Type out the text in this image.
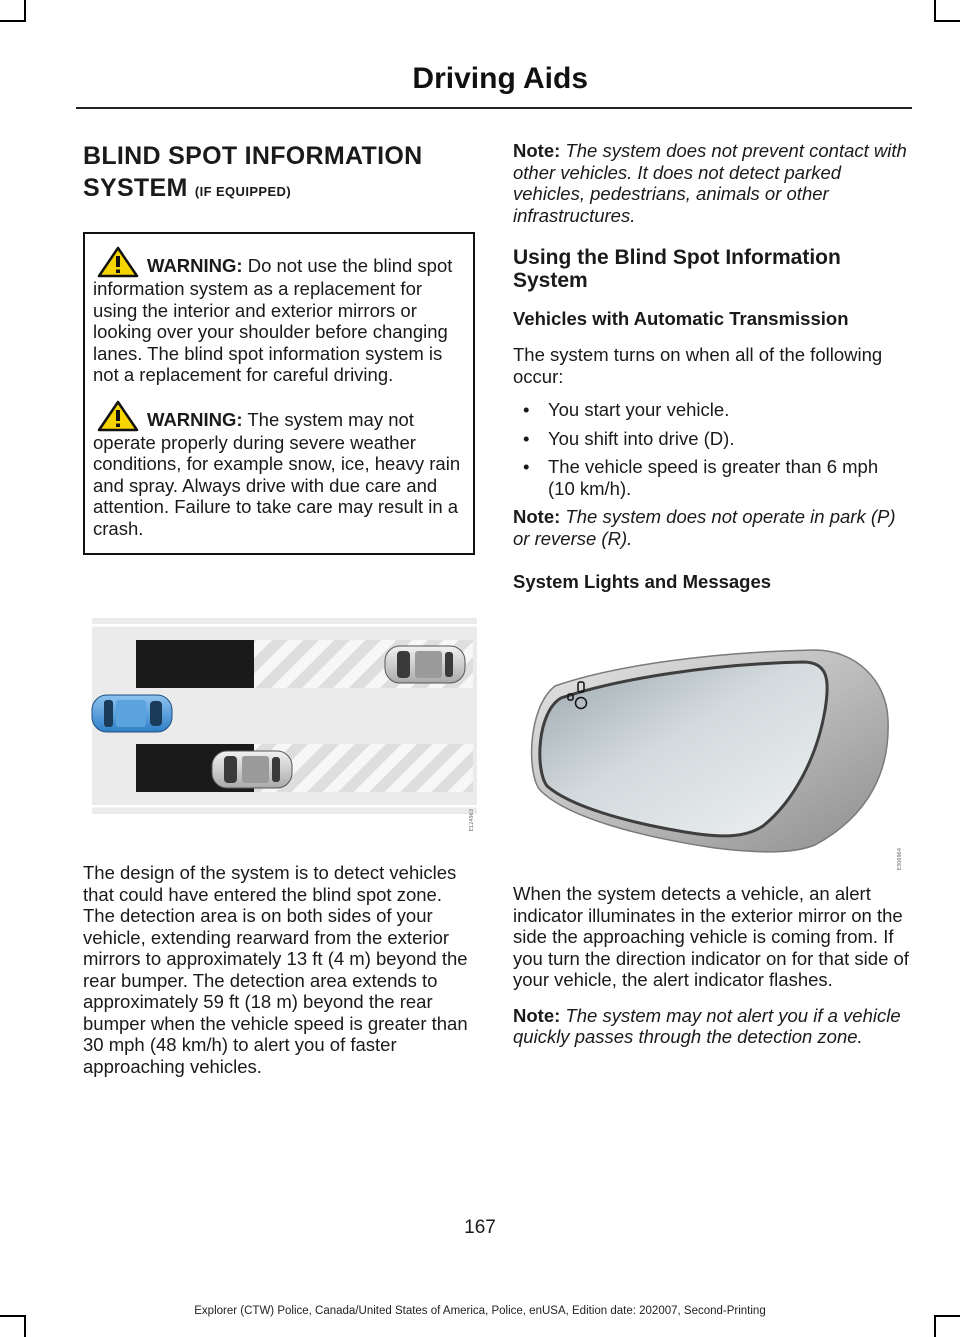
Driving Aids
BLIND SPOT INFORMATION
SYSTEM (IF EQUIPPED)

WARNING: Do not use the blind spot information system as a replacement for using the interior and exterior mirrors or looking over your shoulder before changing lanes. The blind spot information system is not a replacement for careful driving.

WARNING: The system may not operate properly during severe weather conditions, for example snow, ice, heavy rain and spray. Always drive with due care and attention. Failure to take care may result in a crash.

E124963

Note: The system does not prevent contact with other vehicles. It does not detect parked vehicles, pedestrians, animals or other infrastructures.

Using the Blind Spot Information System
Vehicles with Automatic Transmission

The system turns on when all of the following occur:

• You start your vehicle.
• You shift into drive (D).
• The vehicle speed is greater than 6 mph (10 km/h).

Note: The system does not operate in park (P) or reverse (R).

System Lights and Messages
E306964

The design of the system is to detect vehicles that could have entered the blind spot zone. The detection area is on both sides of your vehicle, extending rearward from the exterior mirrors to approximately 13 ft (4 m) beyond the rear bumper. The detection area extends to approximately 59 ft (18 m) beyond the rear bumper when the vehicle speed is greater than 30 mph (48 km/h) to alert you of faster approaching vehicles.

When the system detects a vehicle, an alert indicator illuminates in the exterior mirror on the side the approaching vehicle is coming from. If you turn the direction indicator on for that side of your vehicle, the alert indicator flashes.

Note: The system may not alert you if a vehicle quickly passes through the detection zone.

167
Explorer (CTW) Police, Canada/United States of America, Police, enUSA, Edition date: 202007, Second-Printing
